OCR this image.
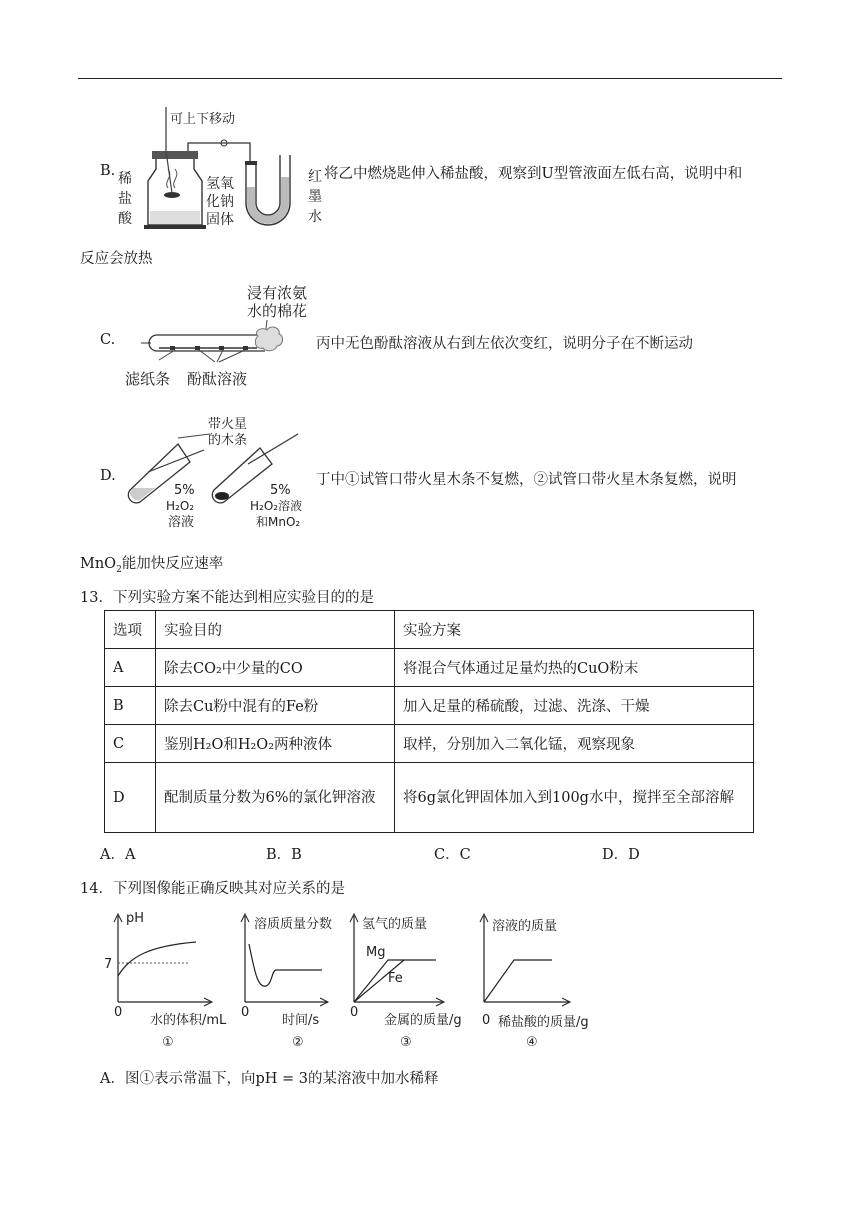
B.
可上下移动
稀
盐
酸
氢氧
化钠
固体
红
墨
水
将乙中燃烧匙伸入稀盐酸，观察到U型管液面左低右高，说明中和
反应会放热
C.
浸有浓氨
水的棉花
滤纸条 酚酞溶液
丙中无色酚酞溶液从右到左依次变红，说明分子在不断运动
D.
带火星
的木条
5%
H₂O₂
溶液
5%
H₂O₂溶液
和MnO₂
丁中①试管口带火星木条不复燃，②试管口带火星木条复燃，说明
MnO$_2$能加快反应速率
13．下列实验方案不能达到相应实验目的的是
选项	实验目的	实验方案
A	除去CO₂中少量的CO	将混合气体通过足量灼热的CuO粉末
B	除去Cu粉中混有的Fe粉	加入足量的稀硫酸，过滤、洗涤、干燥
C	鉴别H₂O和H₂O₂两种液体	取样，分别加入二氧化锰，观察现象
D	配制质量分数为6%的氯化钾溶液	将6g氯化钾固体加入到100g水中，搅拌至全部溶解
A．A	B．B	C．C	D．D
14．下列图像能正确反映其对应关系的是
pH
7
0
水的体积/mL
①
溶质质量分数
0
时间/s
②
氢气的质量
Mg
Fe
0
金属的质量/g
③
溶液的质量
0 稀盐酸的质量/g
④
A．图①表示常温下，向pH = 3的某溶液中加水稀释
